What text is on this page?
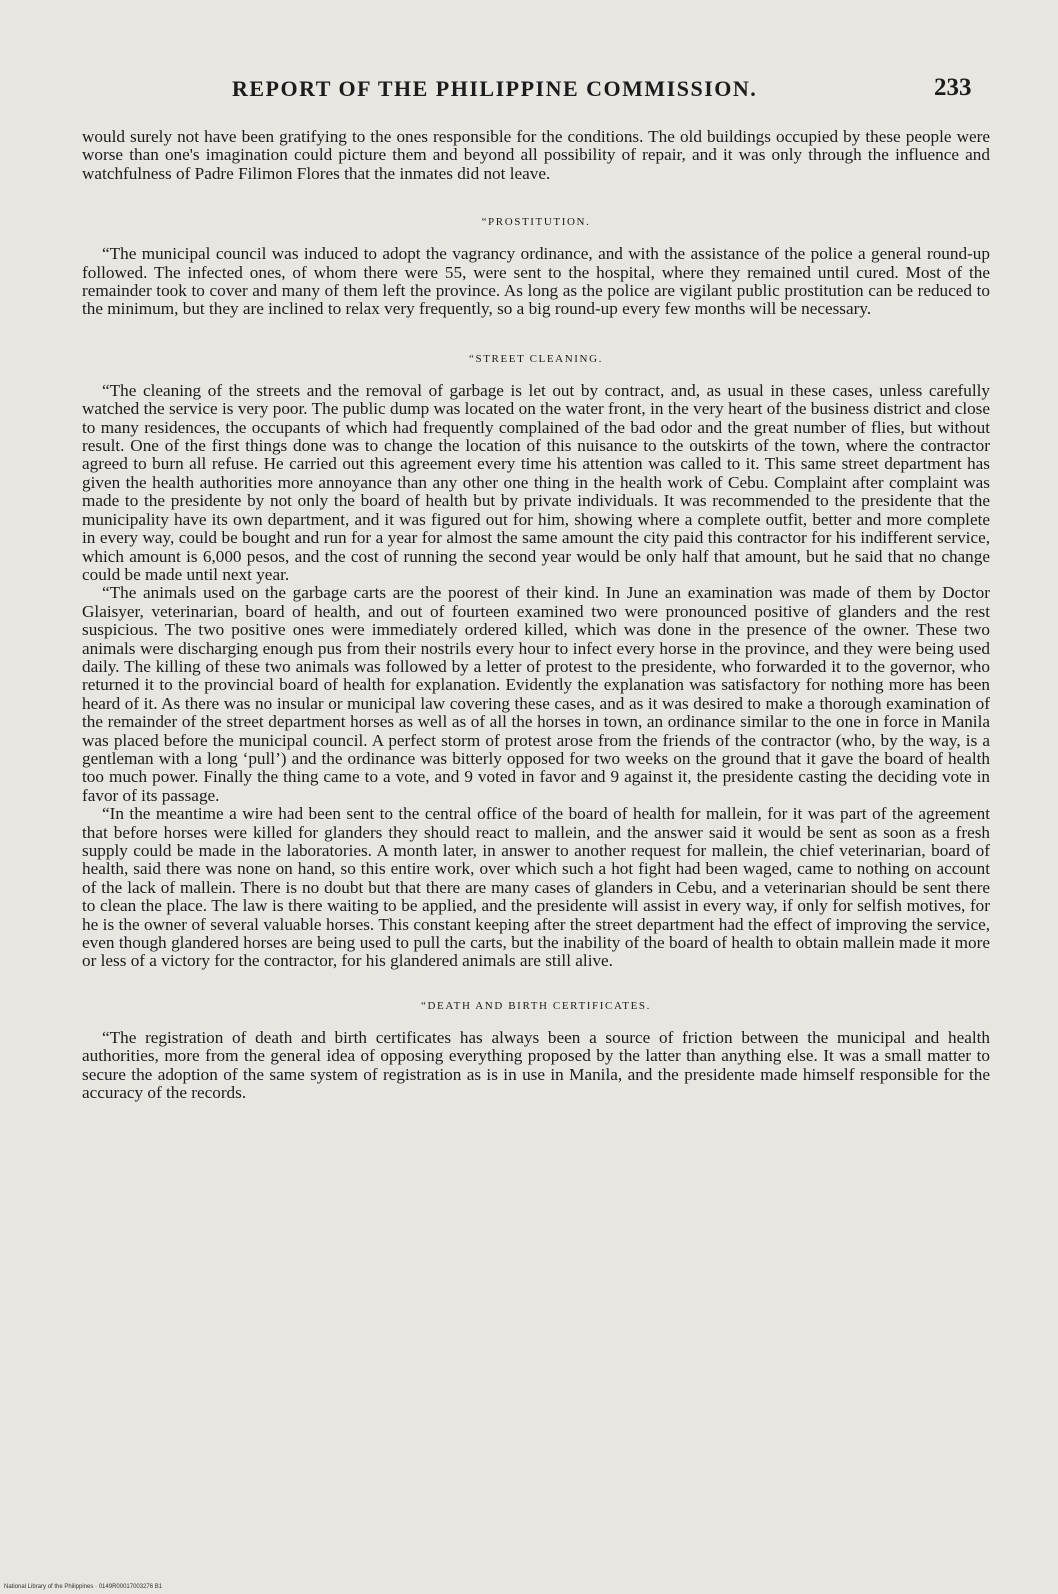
REPORT OF THE PHILIPPINE COMMISSION.	233

would surely not have been gratifying to the ones responsible for the conditions. The old buildings occupied by these people were worse than one's imagination could picture them and beyond all possibility of repair, and it was only through the influence and watchfulness of Padre Filimon Flores that the inmates did not leave.

“PROSTITUTION.

“The municipal council was induced to adopt the vagrancy ordinance, and with the assistance of the police a general round-up followed. The infected ones, of whom there were 55, were sent to the hospital, where they remained until cured. Most of the remainder took to cover and many of them left the province. As long as the police are vigilant public prostitution can be reduced to the minimum, but they are inclined to relax very frequently, so a big round-up every few months will be necessary.

“STREET CLEANING.

“The cleaning of the streets and the removal of garbage is let out by contract, and, as usual in these cases, unless carefully watched the service is very poor. The public dump was located on the water front, in the very heart of the business district and close to many residences, the occupants of which had frequently complained of the bad odor and the great number of flies, but without result. One of the first things done was to change the location of this nuisance to the outskirts of the town, where the contractor agreed to burn all refuse. He carried out this agreement every time his attention was called to it. This same street department has given the health authorities more annoyance than any other one thing in the health work of Cebu. Complaint after complaint was made to the presidente by not only the board of health but by private individuals. It was recommended to the presidente that the municipality have its own department, and it was figured out for him, showing where a complete outfit, better and more complete in every way, could be bought and run for a year for almost the same amount the city paid this contractor for his indifferent service, which amount is 6,000 pesos, and the cost of running the second year would be only half that amount, but he said that no change could be made until next year.

“The animals used on the garbage carts are the poorest of their kind. In June an examination was made of them by Doctor Glaisyer, veterinarian, board of health, and out of fourteen examined two were pronounced positive of glanders and the rest suspicious. The two positive ones were immediately ordered killed, which was done in the presence of the owner. These two animals were discharging enough pus from their nostrils every hour to infect every horse in the province, and they were being used daily. The killing of these two animals was followed by a letter of protest to the presidente, who forwarded it to the governor, who returned it to the provincial board of health for explanation. Evidently the explanation was satisfactory for nothing more has been heard of it. As there was no insular or municipal law covering these cases, and as it was desired to make a thorough examination of the remainder of the street department horses as well as of all the horses in town, an ordinance similar to the one in force in Manila was placed before the municipal council. A perfect storm of protest arose from the friends of the contractor (who, by the way, is a gentleman with a long ‘pull’) and the ordinance was bitterly opposed for two weeks on the ground that it gave the board of health too much power. Finally the thing came to a vote, and 9 voted in favor and 9 against it, the presidente casting the deciding vote in favor of its passage.

“In the meantime a wire had been sent to the central office of the board of health for mallein, for it was part of the agreement that before horses were killed for glanders they should react to mallein, and the answer said it would be sent as soon as a fresh supply could be made in the laboratories. A month later, in answer to another request for mallein, the chief veterinarian, board of health, said there was none on hand, so this entire work, over which such a hot fight had been waged, came to nothing on account of the lack of mallein. There is no doubt but that there are many cases of glanders in Cebu, and a veterinarian should be sent there to clean the place. The law is there waiting to be applied, and the presidente will assist in every way, if only for selfish motives, for he is the owner of several valuable horses. This constant keeping after the street department had the effect of improving the service, even though glandered horses are being used to pull the carts, but the inability of the board of health to obtain mallein made it more or less of a victory for the contractor, for his glandered animals are still alive.

“DEATH AND BIRTH CERTIFICATES.

“The registration of death and birth certificates has always been a source of friction between the municipal and health authorities, more from the general idea of opposing everything proposed by the latter than anything else. It was a small matter to secure the adoption of the same system of registration as is in use in Manila, and the presidente made himself responsible for the accuracy of the records.

National Library of the Philippines · 0149R00017003276 B1
